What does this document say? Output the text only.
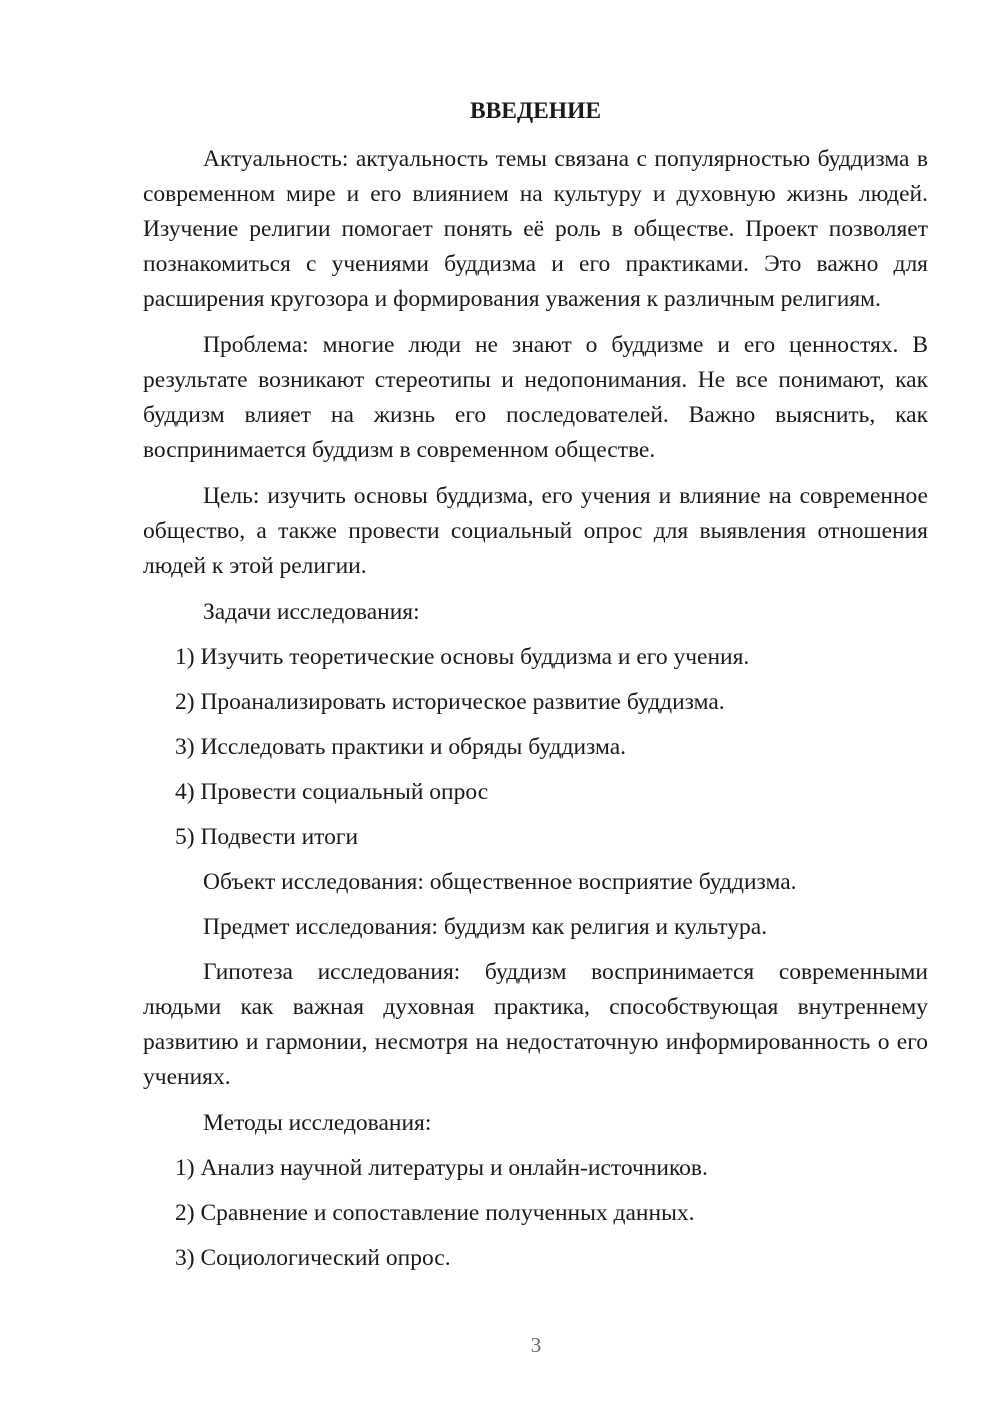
ВВЕДЕНИЕ

Актуальность: актуальность темы связана с популярностью буддизма в современном мире и его влиянием на культуру и духовную жизнь людей. Изучение религии помогает понять её роль в обществе. Проект позволяет познакомиться с учениями буддизма и его практиками. Это важно для расширения кругозора и формирования уважения к различным религиям.

Проблема: многие люди не знают о буддизме и его ценностях. В результате возникают стереотипы и недопонимания. Не все понимают, как буддизм влияет на жизнь его последователей. Важно выяснить, как воспринимается буддизм в современном обществе.

Цель: изучить основы буддизма, его учения и влияние на современное общество, а также провести социальный опрос для выявления отношения людей к этой религии.

Задачи исследования:
1) Изучить теоретические основы буддизма и его учения.
2) Проанализировать историческое развитие буддизма.
3) Исследовать практики и обряды буддизма.
4) Провести социальный опрос
5) Подвести итоги
Объект исследования: общественное восприятие буддизма.
Предмет исследования: буддизм как религия и культура.

Гипотеза исследования: буддизм воспринимается современными людьми как важная духовная практика, способствующая внутреннему развитию и гармонии, несмотря на недостаточную информированность о его учениях.

Методы исследования:
1) Анализ научной литературы и онлайн-источников.
2) Сравнение и сопоставление полученных данных.
3) Социологический опрос.
3
